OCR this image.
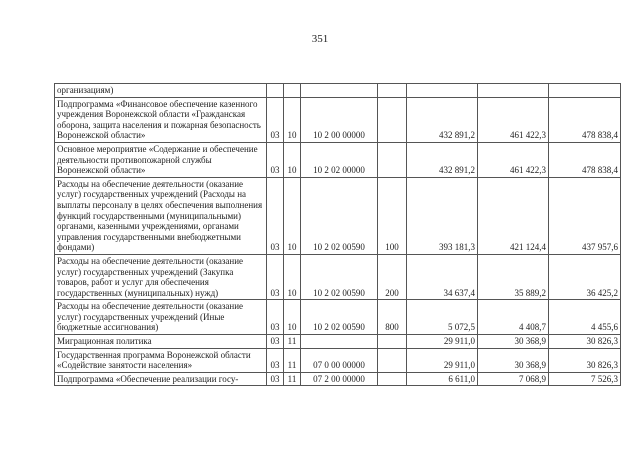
351
организациям)							
Подпрограмма «Финансовое обеспечение казенного учреждения Воронежской области «Гражданская оборона, защита населения и пожарная безопасность Воронежской области»	03	10	10 2 00 00000		432 891,2	461 422,3	478 838,4
Основное мероприятие «Содержание и обеспечение деятельности противопожарной службы Воронежской области»	03	10	10 2 02 00000		432 891,2	461 422,3	478 838,4
Расходы на обеспечение деятельности (оказание услуг) государственных учреждений (Расходы на выплаты персоналу в целях обеспечения выполнения функций государственными (муниципальными) органами, казенными учреждениями, органами управления государственными внебюджетными фондами)	03	10	10 2 02 00590	100	393 181,3	421 124,4	437 957,6
Расходы на обеспечение деятельности (оказание услуг) государственных учреждений (Закупка товаров, работ и услуг для обеспечения государственных (муниципальных) нужд)	03	10	10 2 02 00590	200	34 637,4	35 889,2	36 425,2
Расходы на обеспечение деятельности (оказание услуг) государственных учреждений (Иные бюджетные ассигнования)	03	10	10 2 02 00590	800	5 072,5	4 408,7	4 455,6
Миграционная политика	03	11			29 911,0	30 368,9	30 826,3
Государственная программа Воронежской области «Содействие занятости населения»	03	11	07 0 00 00000		29 911,0	30 368,9	30 826,3
Подпрограмма «Обеспечение реализации госу-	03	11	07 2 00 00000		6 611,0	7 068,9	7 526,3
